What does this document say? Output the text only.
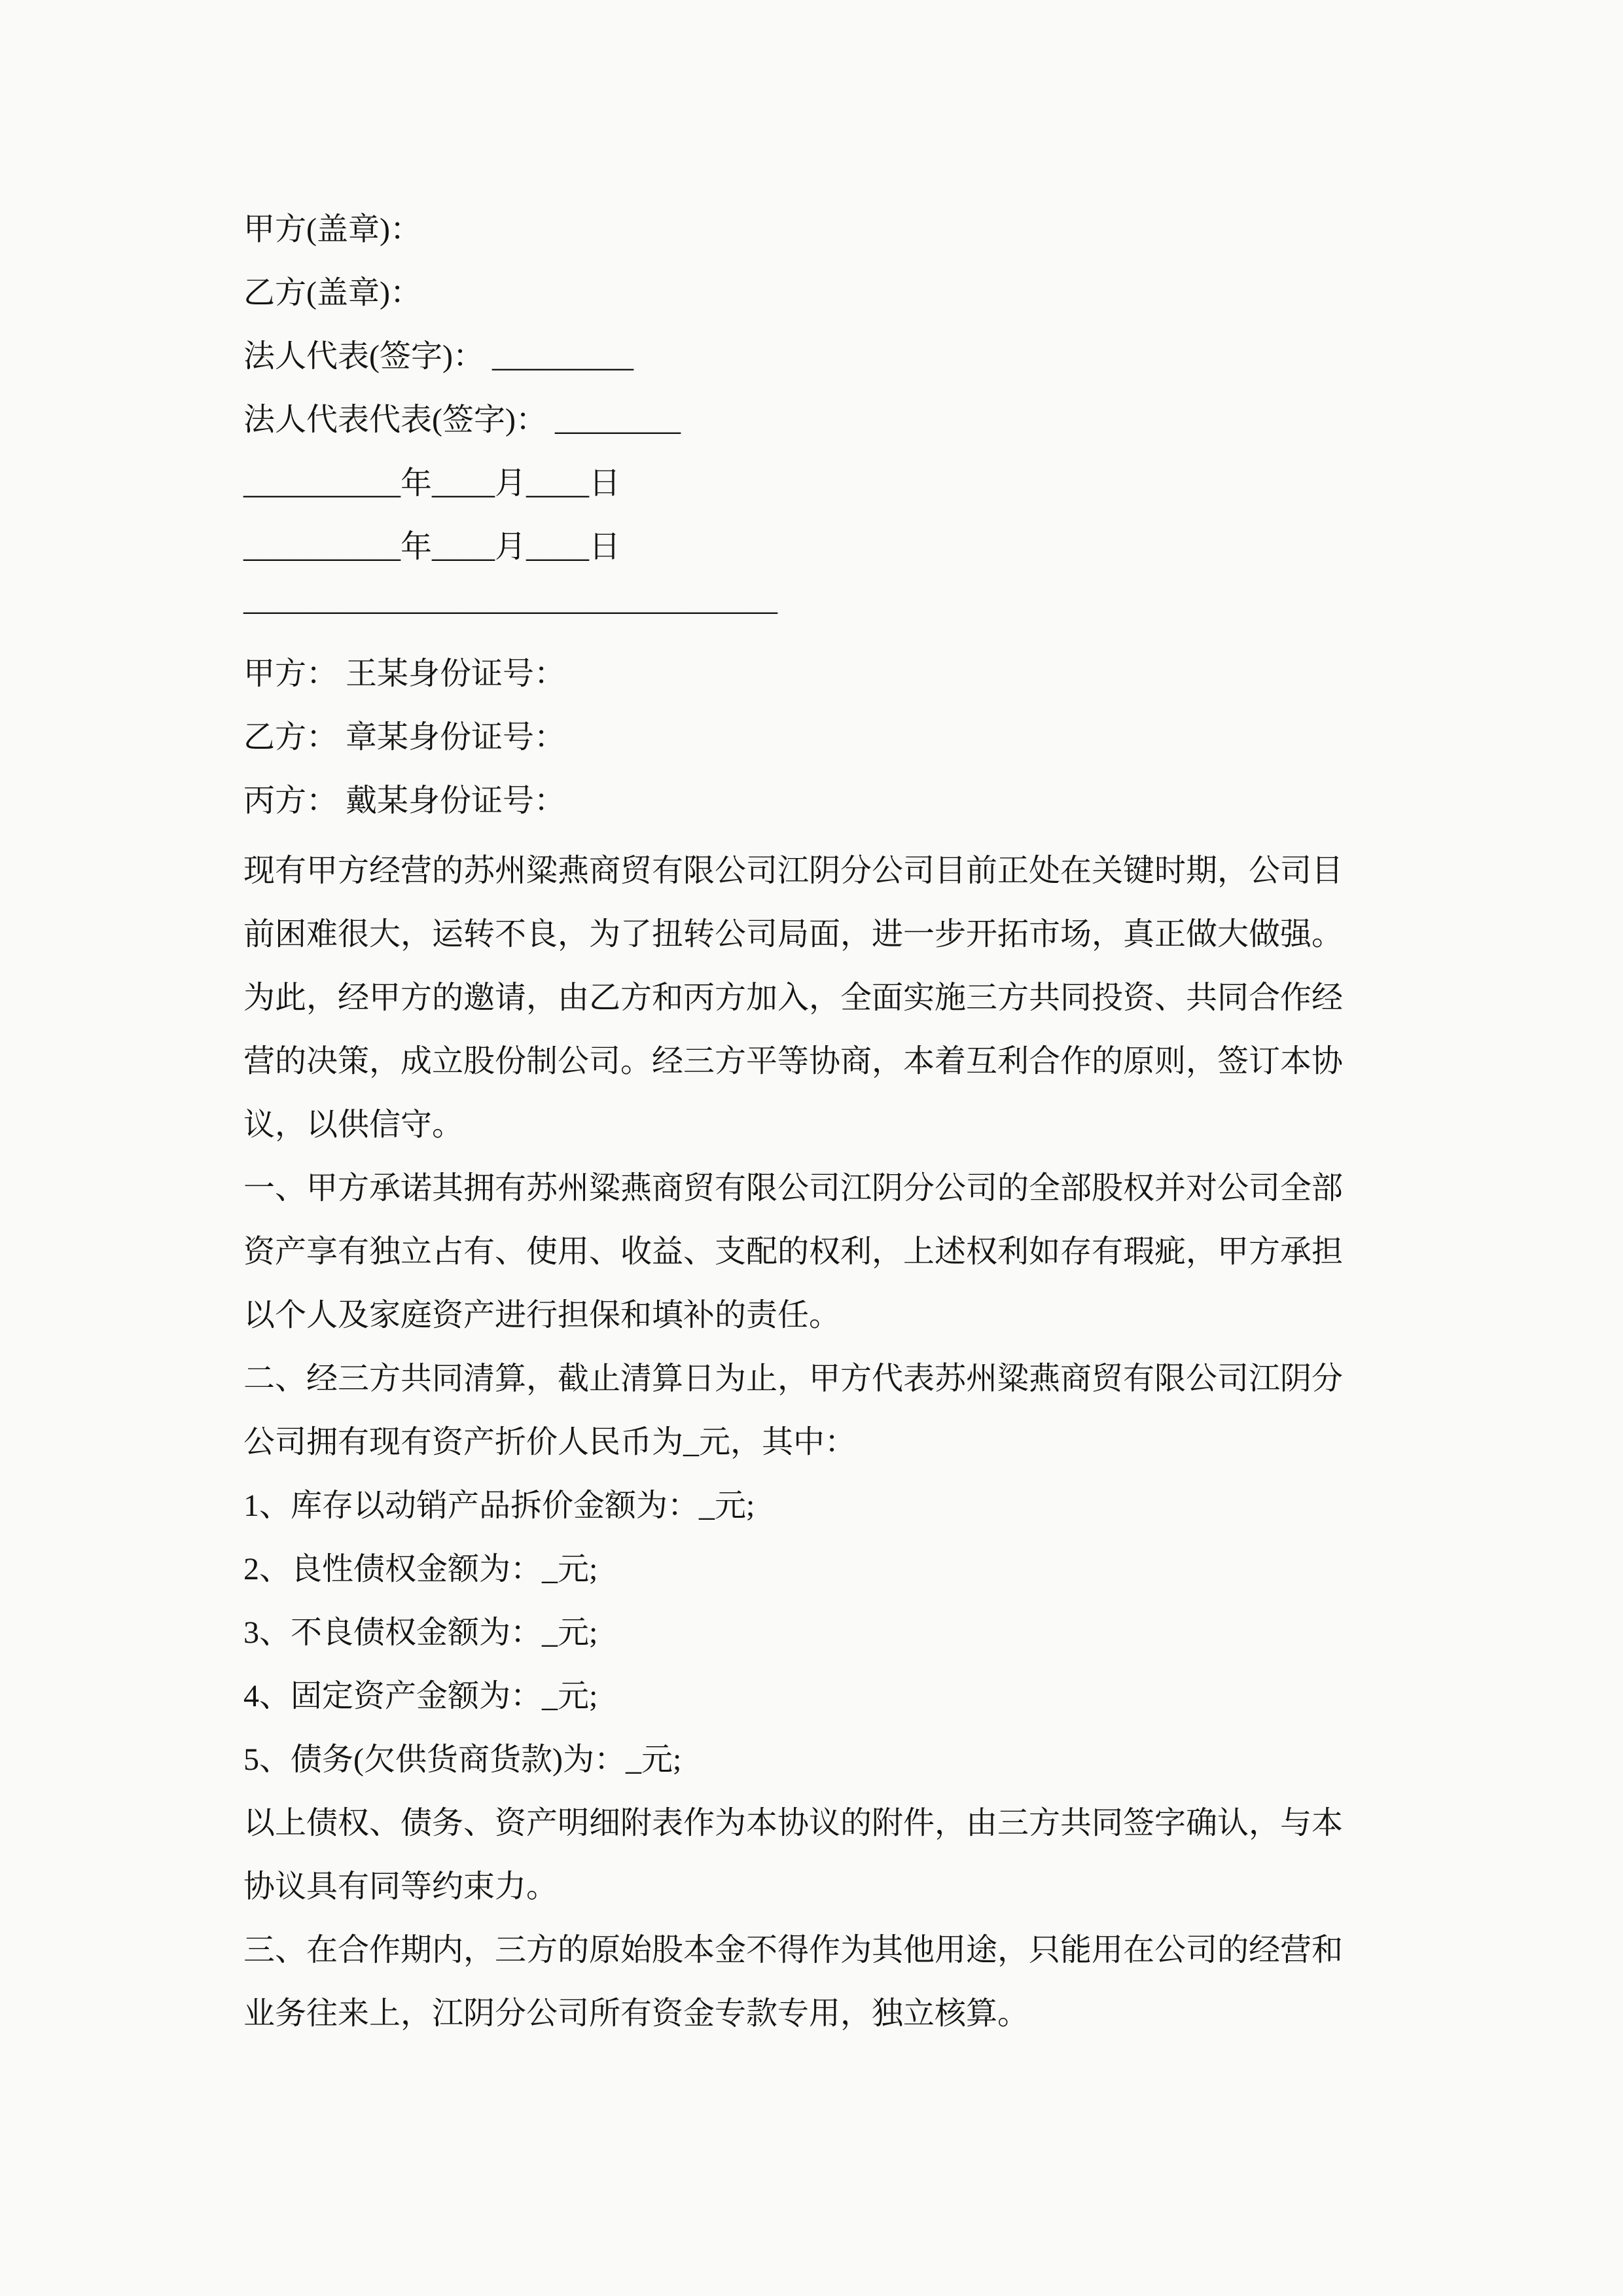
甲方(盖章)：

乙方(盖章)：

法人代表(签字)： _________

法人代表代表(签字)： ________

__________年____月____日

__________年____月____日

—————————————————

甲方： 王某身份证号：

乙方： 章某身份证号：

丙方： 戴某身份证号：

现有甲方经营的苏州粱燕商贸有限公司江阴分公司目前正处在关键时期，公司目前困难很大，运转不良，为了扭转公司局面，进一步开拓市场，真正做大做强。为此，经甲方的邀请，由乙方和丙方加入，全面实施三方共同投资、共同合作经营的决策，成立股份制公司。经三方平等协商，本着互利合作的原则，签订本协议，以供信守。

一、甲方承诺其拥有苏州粱燕商贸有限公司江阴分公司的全部股权并对公司全部资产享有独立占有、使用、收益、支配的权利，上述权利如存有瑕疵，甲方承担以个人及家庭资产进行担保和填补的责任。

二、经三方共同清算，截止清算日为止，甲方代表苏州粱燕商贸有限公司江阴分公司拥有现有资产折价人民币为_元，其中：

1、库存以动销产品拆价金额为：_元;

2、良性债权金额为：_元;

3、不良债权金额为：_元;

4、固定资产金额为：_元;

5、债务(欠供货商货款)为：_元;

以上债权、债务、资产明细附表作为本协议的附件，由三方共同签字确认，与本协议具有同等约束力。

三、在合作期内，三方的原始股本金不得作为其他用途，只能用在公司的经营和业务往来上，江阴分公司所有资金专款专用，独立核算。
